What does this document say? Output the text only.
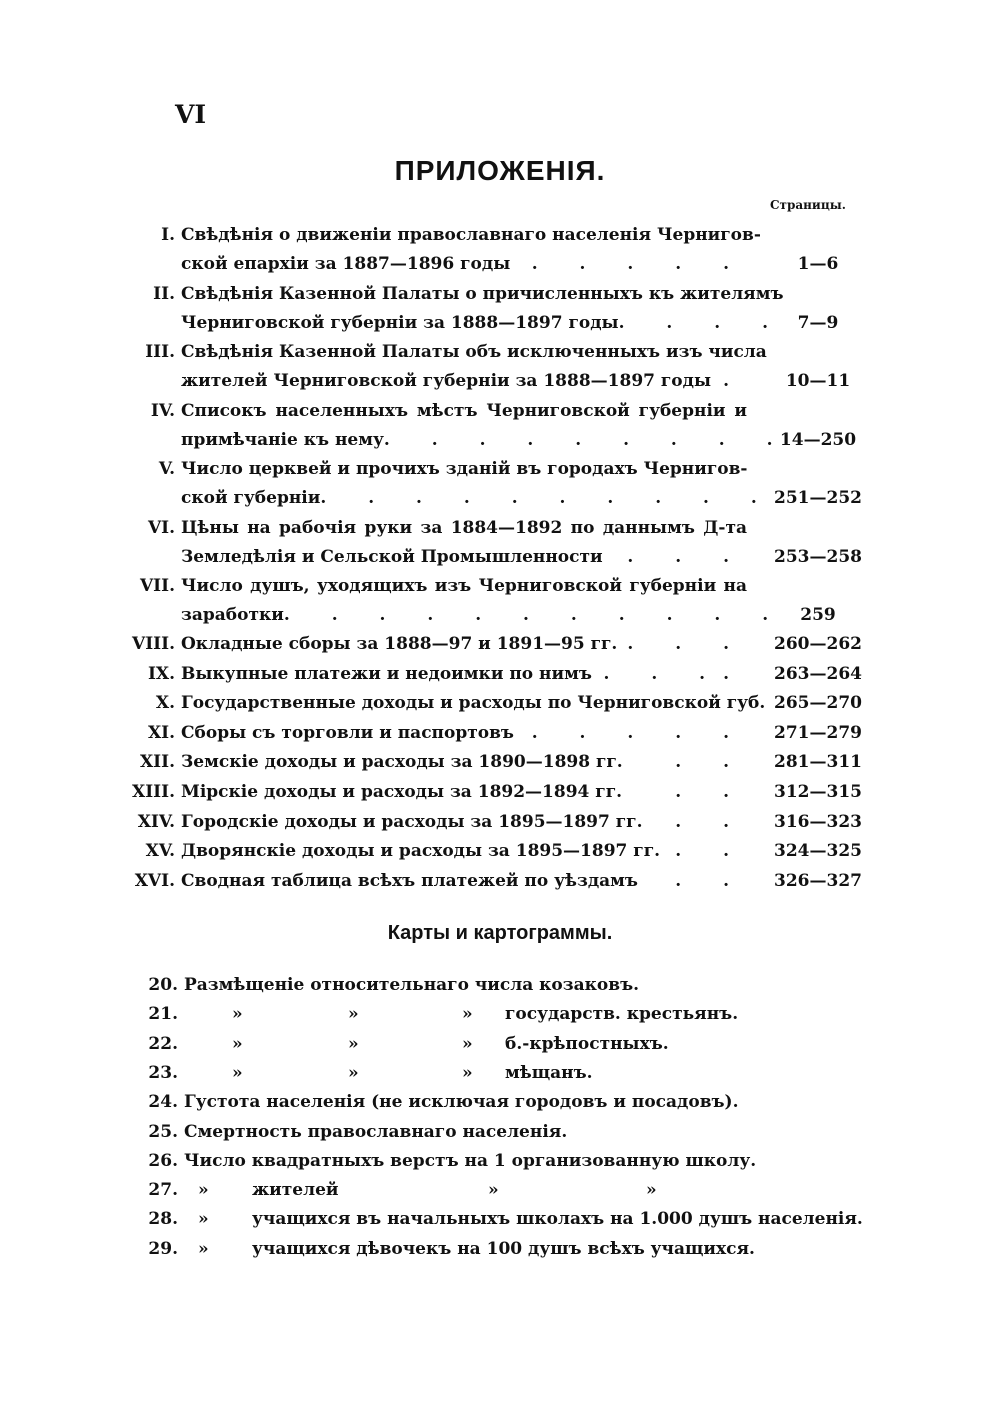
VI
ПРИЛОЖЕНІЯ.
Страницы.
I. Свѣдѣнія о движеніи православнаго населенія Чернигов-
ской епархіи за 1887—1896 годы	. . . . .	1—6
II. Свѣдѣнія Казенной Палаты о причисленныхъ къ жителямъ
Черниговской губерніи за 1888—1897 годы . . . . 7—9
III. Свѣдѣнія Казенной Палаты объ исключенныхъ изъ числа
жителей Черниговской губерніи за 1888—1897 годы .	10—11
IV. Списокъ населенныхъ мѣстъ Черниговской губерніи и
примѣчаніе къ нему . . . . . . . . .
14—250
V. Число церквей и прочихъ зданій въ городахъ Чернигов-
ской губерніи . . . . . . . . . . 251—252
VI. Цѣны на рабочія руки за 1884—1892 по даннымъ Д-та
Земледѣлія и Сельской Промышленности	. . .	253—258
VII. Число душъ, уходящихъ изъ Черниговской губерніи на
заработки . . . . . . . . . . . 259
VIII. Окладные сборы за 1888—97 и 1891—95 гг. . . .	260—262
IX. Выкупные платежи и недоимки по нимъ . . ..	263—264
X. Государственные доходы и расходы по Черниговской губ. 265—270
XI. Сборы съ торговли и паспортовъ	. . . . .	271—279
XII. Земскіе доходы и расходы за 1890—1898 гг.	. .	281—311
XIII. Мірскіе доходы и расходы за 1892—1894 гг.	. .	312—315
XIV. Городскіе доходы и расходы за 1895—1897 гг.	. .	316—323
XV. Дворянскіе доходы и расходы за 1895—1897 гг. . .	324—325
XVI. Сводная таблица всѣхъ платежей по уѣздамъ	. .	326—327
Карты и картограммы.
20. Размѣщеніе относительнаго числа козаковъ.
21.	»	»	» государств. крестьянъ.
22.	»	»	» б.-крѣпостныхъ.
23.	»	»	» мѣщанъ.
24. Густота населенія (не исключая городовъ и посадовъ).
25. Смертность православнаго населенія.
26. Число квадратныхъ верстъ на 1 организованную школу.
27. »	жителей	»	»
28. »	учащихся въ начальныхъ школахъ на 1.000 душъ населенія.
29. »	учащихся дѣвочекъ на 100 душъ всѣхъ учащихся.
